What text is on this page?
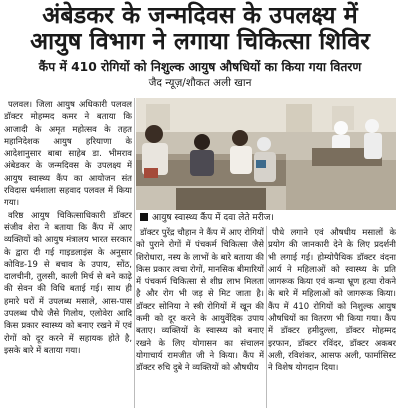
अंबेडकर के जन्मदिवस के उपलक्ष्य में
आयुष विभाग ने लगाया चिकित्सा शिविर
कैंप में 410 रोगियों को निशुल्क आयुष औषधियों का किया गया वितरण
जैद न्यूज़/शौकत अली खान

पलवल। जिला आयुष अधिकारी पलवल डॉक्टर मोहम्मद कमर ने बताया कि आजादी के अमृत महोत्सव के तहत महानिदेशक आयुष हरियाणा के आदेशानुसार बाबा साहेब डा. भीमराव अंबेडकर के जन्मदिवस के उपलक्ष्य में आयुष स्वास्थ्य कैंप का आयोजन संत रविदास धर्मशाला सहवाद पलवल में किया गया।

वरिष्ठ आयुष चिकित्साधिकारी डॉक्टर संजीव शेरा ने बताया कि कैंप में आए व्यक्तियों को आयुष मंत्रालय भारत सरकार के द्वारा दी गई गाइडलाइंस के अनुसार कोविड-19 से बचाव के उपाय, सोंठ, दालचीनी, तुलसी, काली मिर्च से बने काढ़े की सेवन की विधि बताई गई। साथ ही हमारे घरों में उपलब्ध मसाले, आस-पास उपलब्ध पौधे जैसे गिलोय, एलोवेरा आदि किस प्रकार स्वास्थ्य को बनाए रखने में एवं रोगों को दूर करने में सहायक होते है, इसके बारे में बताया गया।

आयुष स्वास्थ्य कैंप में दवा लेते मरीज।

डॉक्टर पुरेंद्र चौहान ने कैंप में आए रोगियों को पुराने रोगों में पंचकर्म चिकित्सा जैसे शिरोधारा, नस्य के लाभों के बारे बताया की किस प्रकार त्वचा रोगों, मानसिक बीमारियों में पंचकर्म चिकित्सा से शीघ्र लाभ मिलता है और रोग भी जड़ से मिट जाता है। डॉक्टर सोनिया ने स्त्री रोगियों में खून की कमी को दूर करने के आयुर्वेदिक उपाय बताए। व्यक्तियों के स्वास्थ्य को बनाए रखने के लिए योगासन का संचालन योगाचार्य रामजीत जी ने किया। कैंप में डॉक्टर रुचि दुबे ने व्यक्तियों को औषधीय

पौधे लगाने एवं औषधीय मसालों के प्रयोग की जानकारी देने के लिए प्रदर्शनी भी लगाई गई। होम्योपैथिक डॉक्टर वंदना आर्य ने महिलाओं को स्वास्थ्य के प्रति जागरूक किया एवं कन्या भ्रूण हत्या रोकने के बारे में महिलाओं को जागरूक किया। कैंप में 410 रोगियों को निशुल्क आयुष औषधियों का वितरण भी किया गया। कैंप में डॉक्टर हमीदुल्ला, डॉक्टर मोहम्मद इरफान, डॉक्टर रविंदर, डॉक्टर अकबर अली, रविशंकर, आसफ अली, फार्मासिस्ट ने विशेष योगदान दिया।
